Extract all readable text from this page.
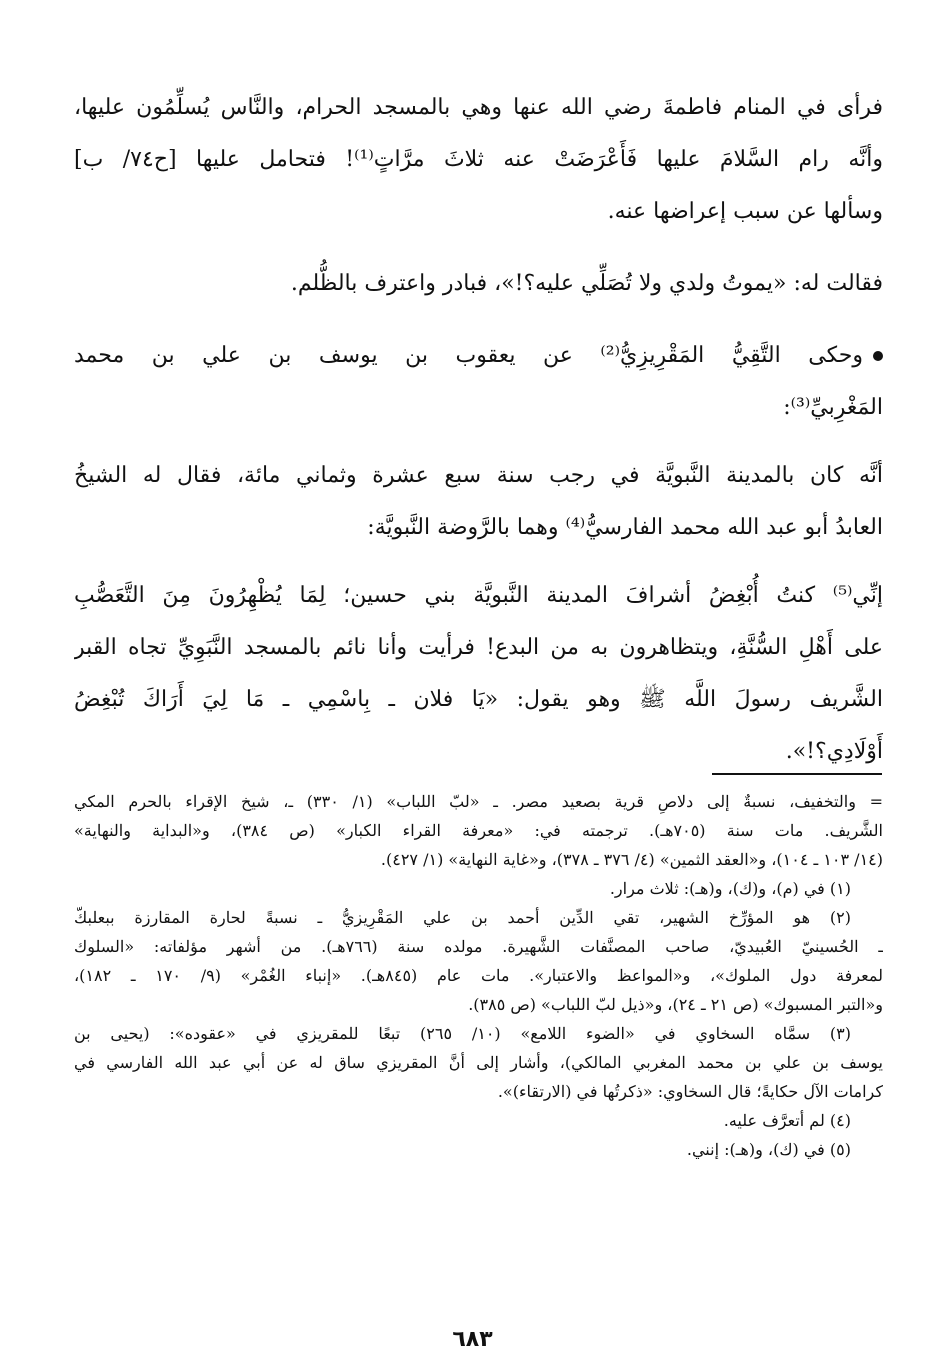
فرأى في المنام فاطمةَ رضي الله عنها وهي بالمسجد الحرام، والنَّاس يُسلِّمُون عليها،
وأنَّه رام السَّلامَ عليها فَأَعْرَضَتْ عنه ثلاثَ مرَّاتٍ⁽¹⁾! فتحامل عليها [ح٧٤/ ب]
وسألها عن سبب إعراضها عنه.
فقالت له: «يموتُ ولدي ولا تُصَلِّي عليه؟!»، فبادر واعترف بالظُّلم.
وحكى التَّقِيُّ المَقْرِيزِيُّ⁽²⁾ عن يعقوب بن يوسف بن علي بن محمد
المَغْرِبيِّ⁽³⁾:
أنَّه كان بالمدينة النَّبويَّة في رجب سنة سبع عشرة وثماني مائة، فقال له الشيخُ
العابدُ أبو عبد الله محمد الفارسيُّ⁽⁴⁾ وهما بالرَّوضة النَّبويَّة:
إنِّي⁽⁵⁾ كنتُ أُبْغِضُ أشرافَ المدينة النَّبويَّة بني حسين؛ لِمَا يُظْهِرُونَ مِنَ التَّعَصُّبِ
على أَهْلِ السُّنَّةِ، ويتظاهرون به من البدع! فرأيت وأنا نائم بالمسجد النَّبَوِيِّ تجاه القبر
الشَّريف رسولَ اللَّه ﷺ وهو يقول: «يَا فلان ـ بِاسْمِي ـ مَا لِيَ أَرَاكَ تُبْغِضُ
أَوْلَادِي؟!».
= والتخفيف، نسبةٌ إلى دلاصِ قرية بصعيد مصر. ـ «لبّ اللباب» (١/ ٣٣٠) ـ، شيخ الإقراء بالحرم المكي
الشَّريف. مات سنة (٧٠٥هـ). ترجمته في: «معرفة القراء الكبار» (ص ٣٨٤)، و«البداية والنهاية»
(١٤/ ١٠٣ ـ ١٠٤)، و«العقد الثمين» (٤/ ٣٧٦ ـ ٣٧٨)، و«غاية النهاية» (١/ ٤٢٧).
(١) في (م)، و(ك)، و(هـ): ثلاث مرار.
(٢) هو المؤرِّخ الشهير، تقي الدِّين أحمد بن علي المَقْرِيزيُّ ـ نسبةً لحارة المقارزة ببعلبكّ
ـ الحُسينيّ العُبيديّ، صاحب المصنَّفات الشَّهيرة. مولده سنة (٧٦٦هـ). من أشهر مؤلفاته: «السلوك
لمعرفة دول الملوك»، و«المواعظ والاعتبار». مات عام (٨٤٥هـ). «إنباء الغُمْر» (٩/ ١٧٠ ـ ١٨٢)،
و«التبر المسبوك» (ص ٢١ ـ ٢٤)، و«ذيل لبّ اللباب» (ص ٣٨٥).
(٣) سمَّاه السخاوي في «الضوء اللامع» (١٠/ ٢٦٥) تبعًا للمقريزي في «عقوده»: (يحيى بن
يوسف بن علي بن محمد المغربي المالكي)، وأشار إلى أنَّ المقريزي ساق له عن أبي عبد الله الفارسي في
كرامات الآل حكايةً؛ قال السخاوي: «ذكرتُها في (الارتقاء)».
(٤) لم أتعرَّف عليه.
(٥) في (ك)، و(هـ): إنني.
٦٨٣
